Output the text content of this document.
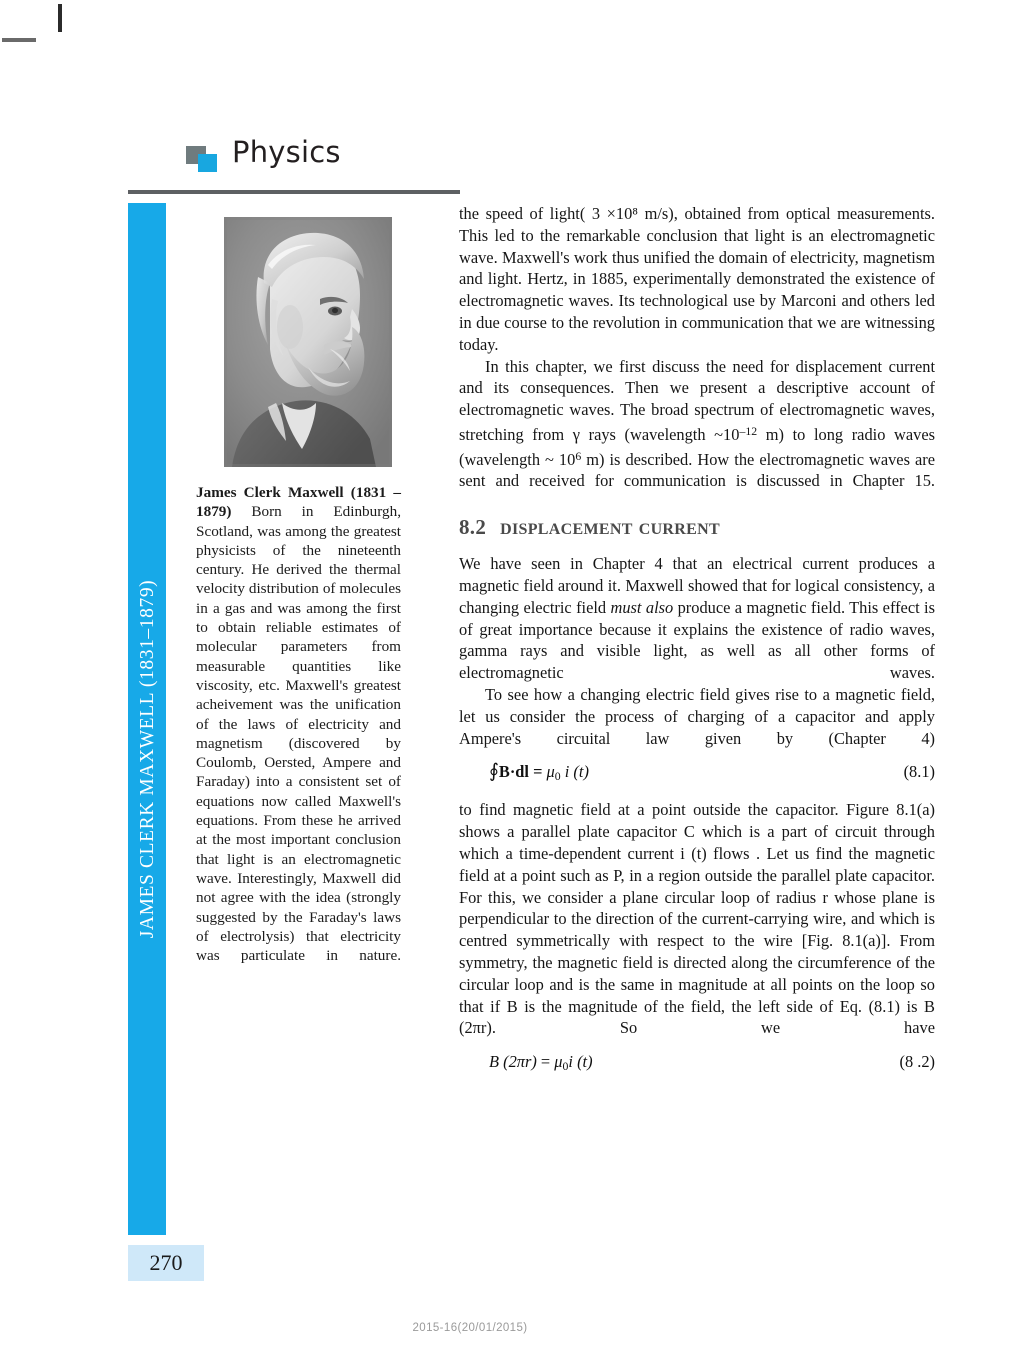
Physics
JAMES CLERK MAXWELL (1831–1879)
270
James Clerk Maxwell (1831 – 1879) Born in Edinburgh, Scotland, was among the greatest physicists of the nineteenth century. He derived the thermal velocity distribution of molecules in a gas and was among the first to obtain reliable estimates of molecular parameters from measurable quantities like viscosity, etc. Maxwell's greatest acheivement was the unification of the laws of electricity and magnetism (discovered by Coulomb, Oersted, Ampere and Faraday) into a consistent set of equations now called Maxwell's equations. From these he arrived at the most important conclusion that light is an electromagnetic wave. Interestingly, Maxwell did not agree with the idea (strongly suggested by the Faraday's laws of electrolysis) that electricity was particulate in nature.

the speed of light( 3 ×10⁸ m/s), obtained from optical measurements. This led to the remarkable conclusion that light is an electromagnetic wave. Maxwell's work thus unified the domain of electricity, magnetism and light. Hertz, in 1885, experimentally demonstrated the existence of electromagnetic waves. Its technological use by Marconi and others led in due course to the revolution in communication that we are witnessing today.

In this chapter, we first discuss the need for displacement current and its consequences. Then we present a descriptive account of electromagnetic waves. The broad spectrum of electromagnetic waves, stretching from γ rays (wavelength $\sim 10^{-12}$ m) to long radio waves (wavelength ~ $10^6$ m) is described. How the electromagnetic waves are sent and received for communication is discussed in Chapter 15.

8.2 displacement current

We have seen in Chapter 4 that an electrical current produces a magnetic field around it. Maxwell showed that for logical consistency, a changing electric field must also produce a magnetic field. This effect is of great importance because it explains the existence of radio waves, gamma rays and visible light, as well as all other forms of electromagnetic waves.

To see how a changing electric field gives rise to a magnetic field, let us consider the process of charging of a capacitor and apply Ampere's circuital law given by (Chapter 4)

∮B·dl = $\mu_0$ i (t)	(8.1)

to find magnetic field at a point outside the capacitor. Figure 8.1(a) shows a parallel plate capacitor C which is a part of circuit through which a time-dependent current i (t) flows . Let us find the magnetic field at a point such as P, in a region outside the parallel plate capacitor. For this, we consider a plane circular loop of radius r whose plane is perpendicular to the direction of the current-carrying wire, and which is centred symmetrically with respect to the wire [Fig. 8.1(a)]. From symmetry, the magnetic field is directed along the circumference of the circular loop and is the same in magnitude at all points on the loop so that if B is the magnitude of the field, the left side of Eq. (8.1) is B (2πr). So we have

B $(2\pi r) = \mu_0i$ (t)	(8 .2)
2015-16(20/01/2015)
